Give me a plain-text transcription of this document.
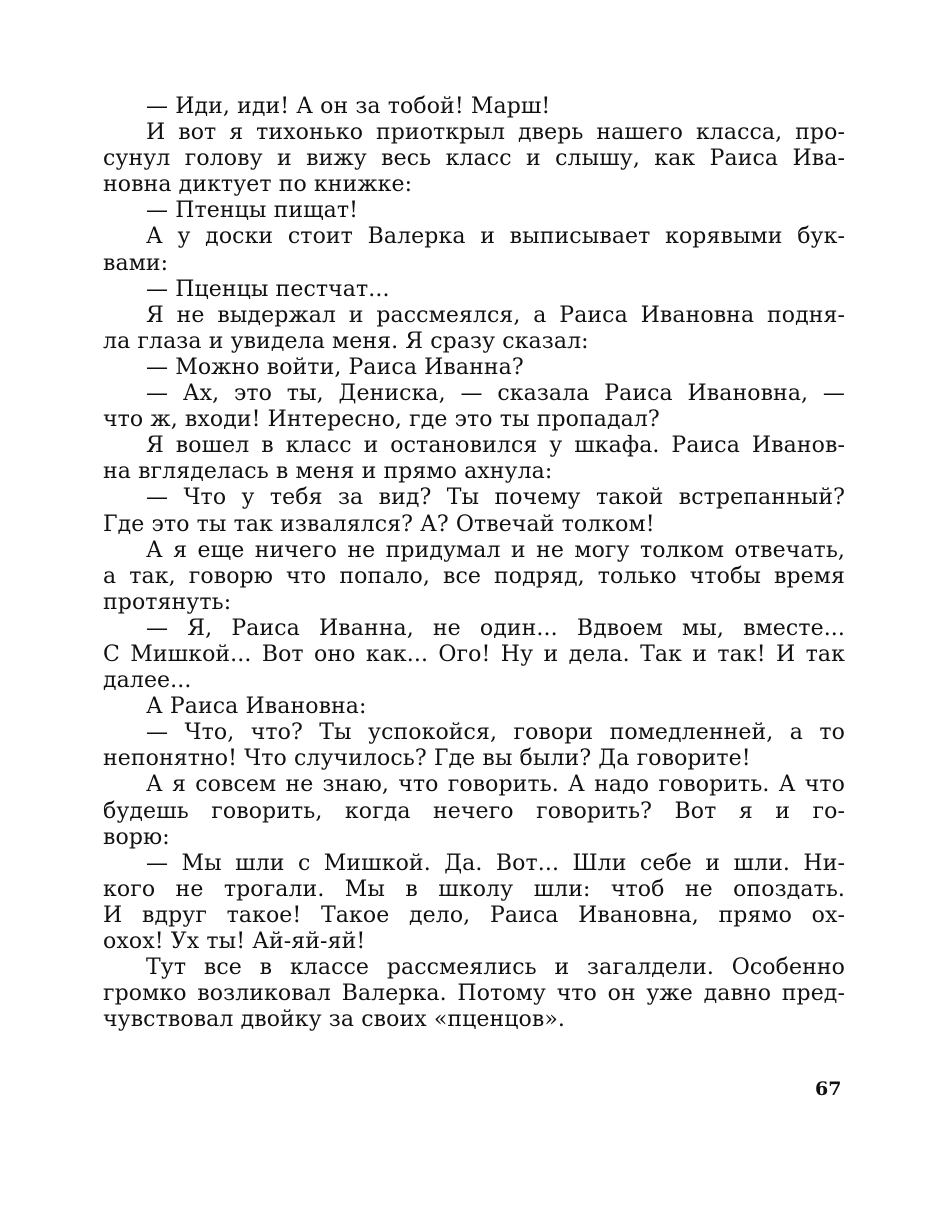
— Иди, иди! А он за тобой! Марш!
И вот я тихонько приоткрыл дверь нашего класса, про-
сунул голову и вижу весь класс и слышу, как Раиса Ива-
новна диктует по книжке:
— Птенцы пищат!
А у доски стоит Валерка и выписывает корявыми бук-
вами:
— Пценцы пестчат...
Я не выдержал и рассмеялся, а Раиса Ивановна подня-
ла глаза и увидела меня. Я сразу сказал:
— Можно войти, Раиса Иванна?
— Ах, это ты, Дениска, — сказала Раиса Ивановна, —
что ж, входи! Интересно, где это ты пропадал?
Я вошел в класс и остановился у шкафа. Раиса Иванов-
на вгляделась в меня и прямо ахнула:
— Что у тебя за вид? Ты почему такой встрепанный?
Где это ты так извалялся? А? Отвечай толком!
А я еще ничего не придумал и не могу толком отвечать,
а так, говорю что попало, все подряд, только чтобы время
протянуть:
— Я, Раиса Иванна, не один... Вдвоем мы, вместе...
С Мишкой... Вот оно как... Ого! Ну и дела. Так и так! И так
далее...
А Раиса Ивановна:
— Что, что? Ты успокойся, говори помедленней, а то
непонятно! Что случилось? Где вы были? Да говорите!
А я совсем не знаю, что говорить. А надо говорить. А что
будешь говорить, когда нечего говорить? Вот я и го-
ворю:
— Мы шли с Мишкой. Да. Вот... Шли себе и шли. Ни-
кого не трогали. Мы в школу шли: чтоб не опоздать.
И вдруг такое! Такое дело, Раиса Ивановна, прямо ох-
охох! Ух ты! Ай-яй-яй!
Тут все в классе рассмеялись и загалдели. Особенно
громко возликовал Валерка. Потому что он уже давно пред-
чувствовал двойку за своих «пценцов».
67
